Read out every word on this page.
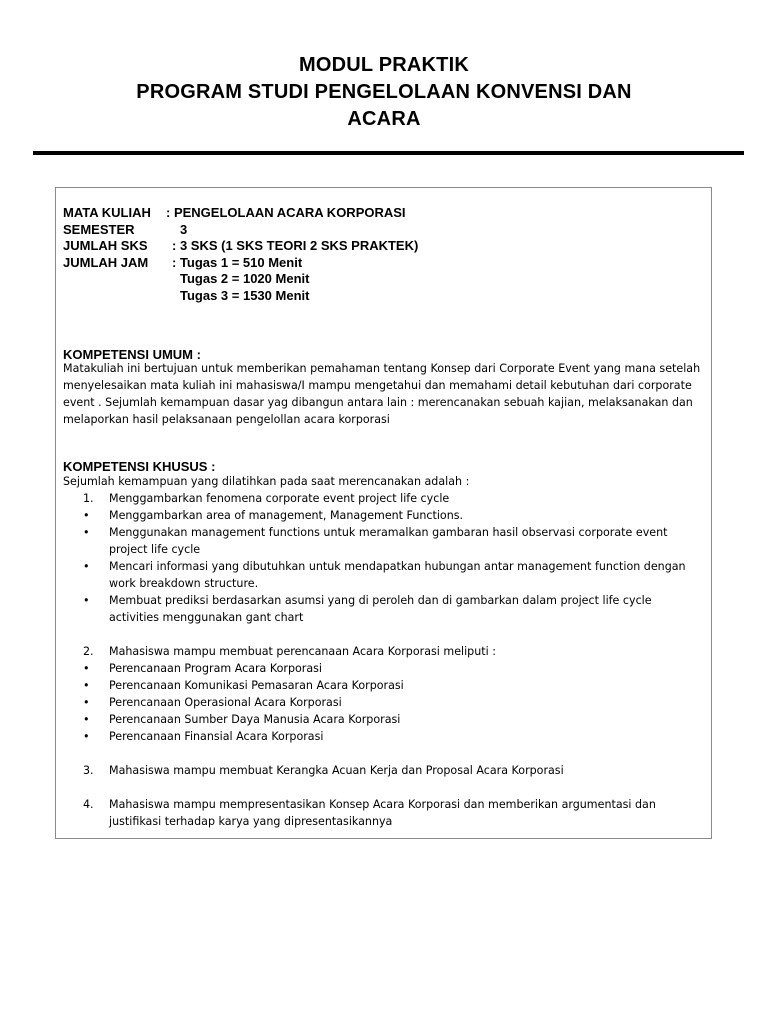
MODUL PRAKTIK
PROGRAM STUDI PENGELOLAAN KONVENSI DAN
ACARA
MATA KULIAH : PENGELOLAAN ACARA KORPORASI
SEMESTER	3
JUMLAH SKS : 3 SKS (1 SKS TEORI 2 SKS PRAKTEK)
JUMLAH JAM : Tugas 1 = 510 Menit
Tugas 2 = 1020 Menit
Tugas 3 = 1530 Menit
KOMPETENSI UMUM :
Matakuliah ini bertujuan untuk memberikan pemahaman tentang Konsep dari Corporate Event yang mana setelah menyelesaikan mata kuliah ini mahasiswa/I mampu mengetahui dan memahami detail kebutuhan dari corporate event . Sejumlah kemampuan dasar yag dibangun antara lain : merencanakan sebuah kajian, melaksanakan dan melaporkan hasil pelaksanaan pengelollan acara korporasi
KOMPETENSI KHUSUS :
Sejumlah kemampuan yang dilatihkan pada saat merencanakan adalah :
1. Menggambarkan fenomena corporate event project life cycle
• Menggambarkan area of management, Management Functions.
• Menggunakan management functions untuk meramalkan gambaran hasil observasi corporate event project life cycle
• Mencari informasi yang dibutuhkan untuk mendapatkan hubungan antar management function dengan work breakdown structure.
• Membuat prediksi berdasarkan asumsi yang di peroleh dan di gambarkan dalam project life cycle activities menggunakan gant chart
2. Mahasiswa mampu membuat perencanaan Acara Korporasi meliputi :
• Perencanaan Program Acara Korporasi
• Perencanaan Komunikasi Pemasaran Acara Korporasi
• Perencanaan Operasional Acara Korporasi
• Perencanaan Sumber Daya Manusia Acara Korporasi
• Perencanaan Finansial Acara Korporasi
3. Mahasiswa mampu membuat Kerangka Acuan Kerja dan Proposal Acara Korporasi
4. Mahasiswa mampu mempresentasikan Konsep Acara Korporasi dan memberikan argumentasi dan justifikasi terhadap karya yang dipresentasikannya
